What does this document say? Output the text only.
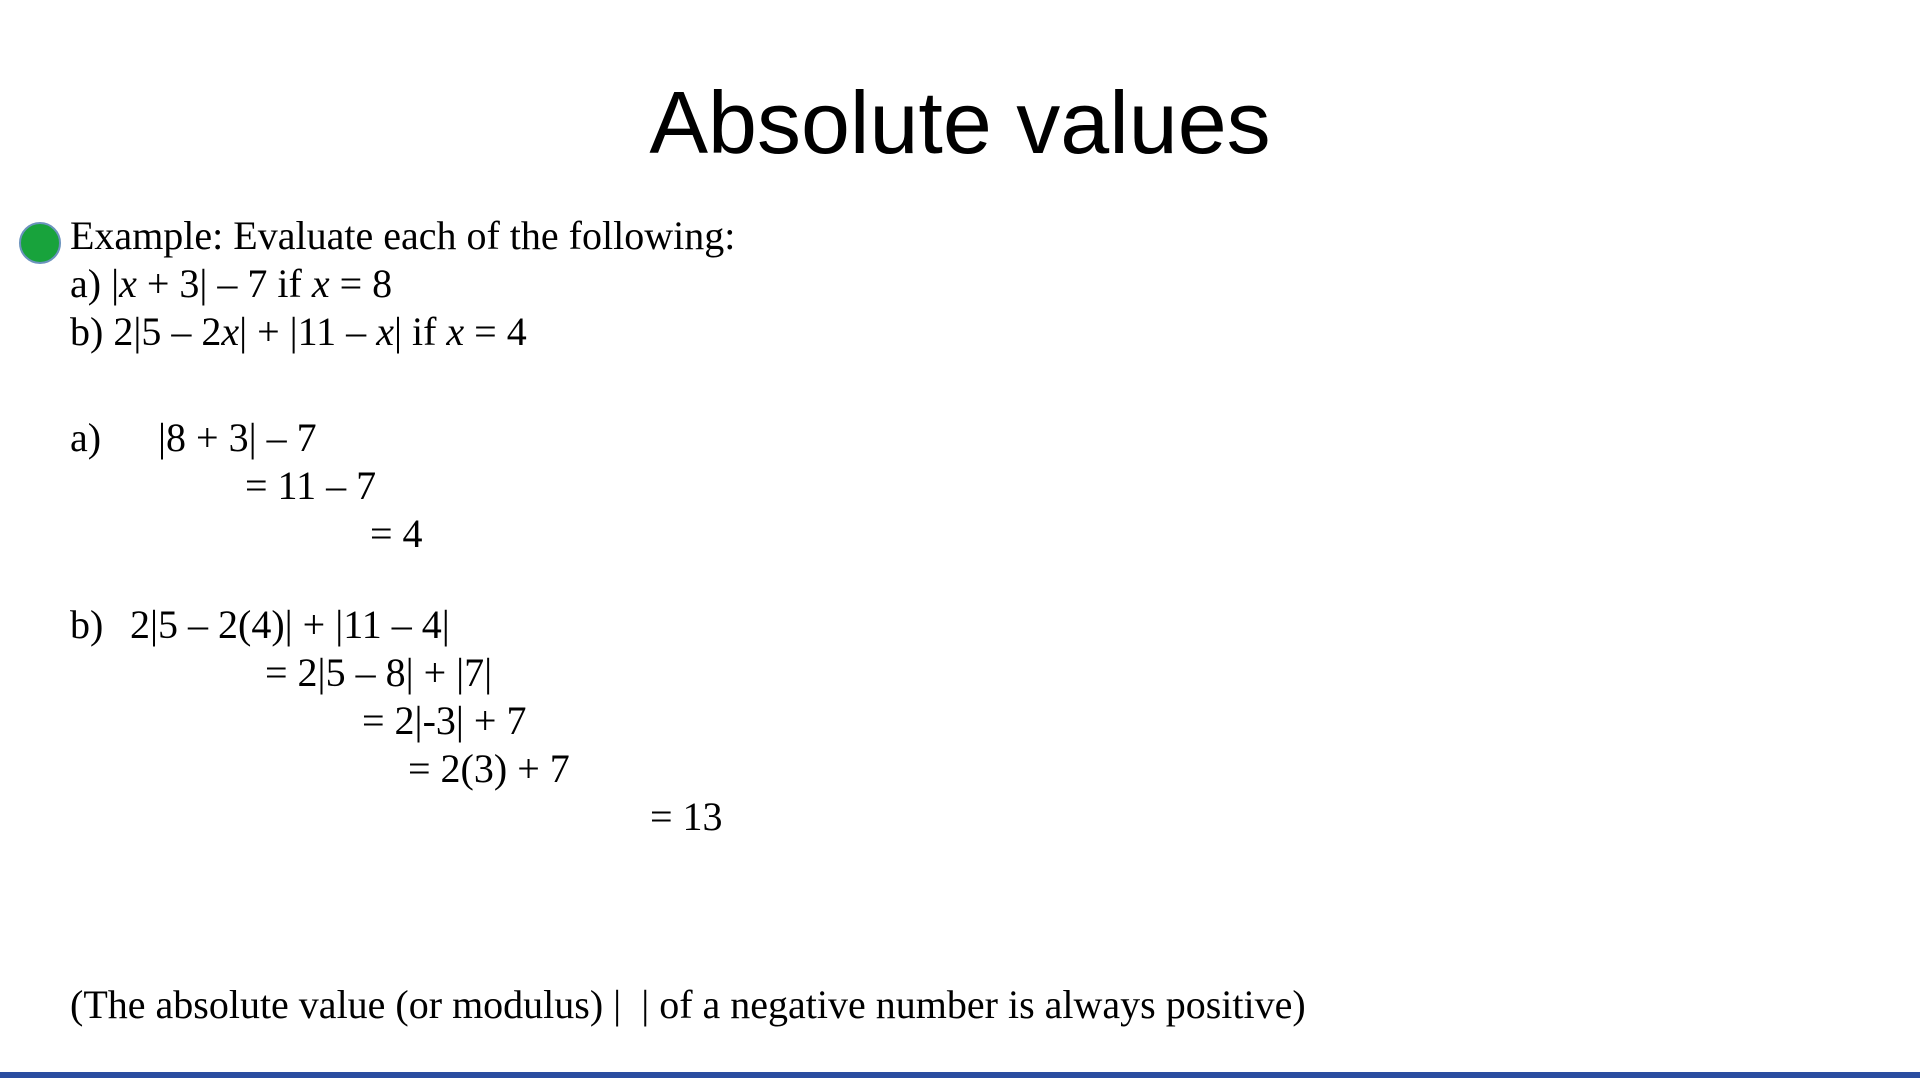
Absolute values
Example: Evaluate each of the following:
a) |x + 3| – 7 if x = 8
b) 2|5 – 2x| + |11 – x| if x = 4
a) |8 + 3| – 7
= 11 – 7
= 4
b) 2|5 – 2(4)| + |11 – 4|
= 2|5 – 8| + |7|
= 2|-3| + 7
= 2(3) + 7
= 13
(The absolute value (or modulus) |  | of a negative number is always positive)
